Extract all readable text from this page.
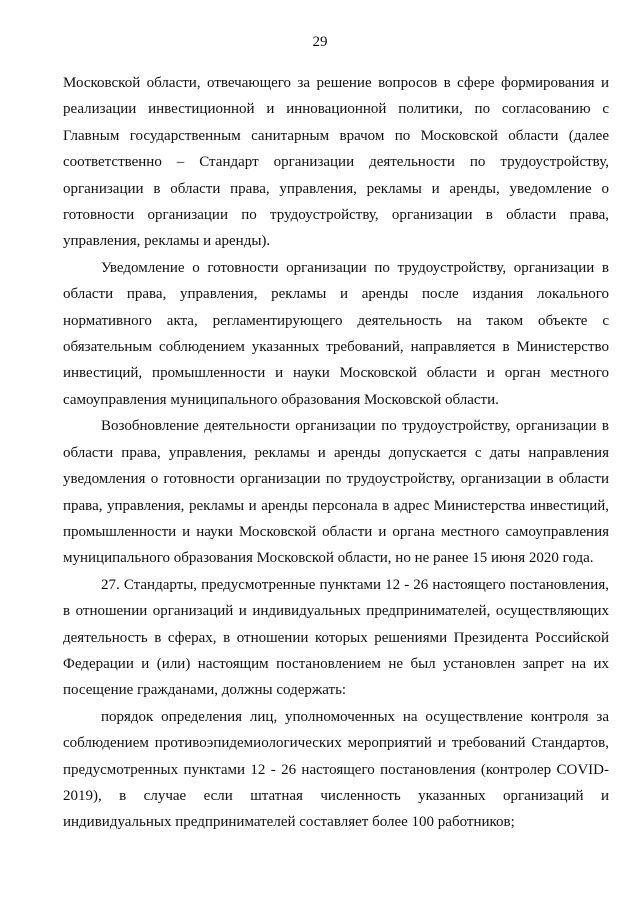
29

Московской области, отвечающего за решение вопросов в сфере формирования и реализации инвестиционной и инновационной политики, по согласованию с Главным государственным санитарным врачом по Московской области (далее соответственно – Стандарт организации деятельности по трудоустройству, организации в области права, управления, рекламы и аренды, уведомление о готовности организации по трудоустройству, организации в области права, управления, рекламы и аренды).

Уведомление о готовности организации по трудоустройству, организации в области права, управления, рекламы и аренды после издания локального нормативного акта, регламентирующего деятельность на таком объекте с обязательным соблюдением указанных требований, направляется в Министерство инвестиций, промышленности и науки Московской области и орган местного самоуправления муниципального образования Московской области.

Возобновление деятельности организации по трудоустройству, организации в области права, управления, рекламы и аренды допускается с даты направления уведомления о готовности организации по трудоустройству, организации в области права, управления, рекламы и аренды персонала в адрес Министерства инвестиций, промышленности и науки Московской области и органа местного самоуправления муниципального образования Московской области, но не ранее 15 июня 2020 года.

27. Стандарты, предусмотренные пунктами 12 - 26 настоящего постановления, в отношении организаций и индивидуальных предпринимателей, осуществляющих деятельность в сферах, в отношении которых решениями Президента Российской Федерации и (или) настоящим постановлением не был установлен запрет на их посещение гражданами, должны содержать:

порядок определения лиц, уполномоченных на осуществление контроля за соблюдением противоэпидемиологических мероприятий и требований Стандартов, предусмотренных пунктами 12 - 26 настоящего постановления (контролер COVID-2019), в случае если штатная численность указанных организаций и индивидуальных предпринимателей составляет более 100 работников;
